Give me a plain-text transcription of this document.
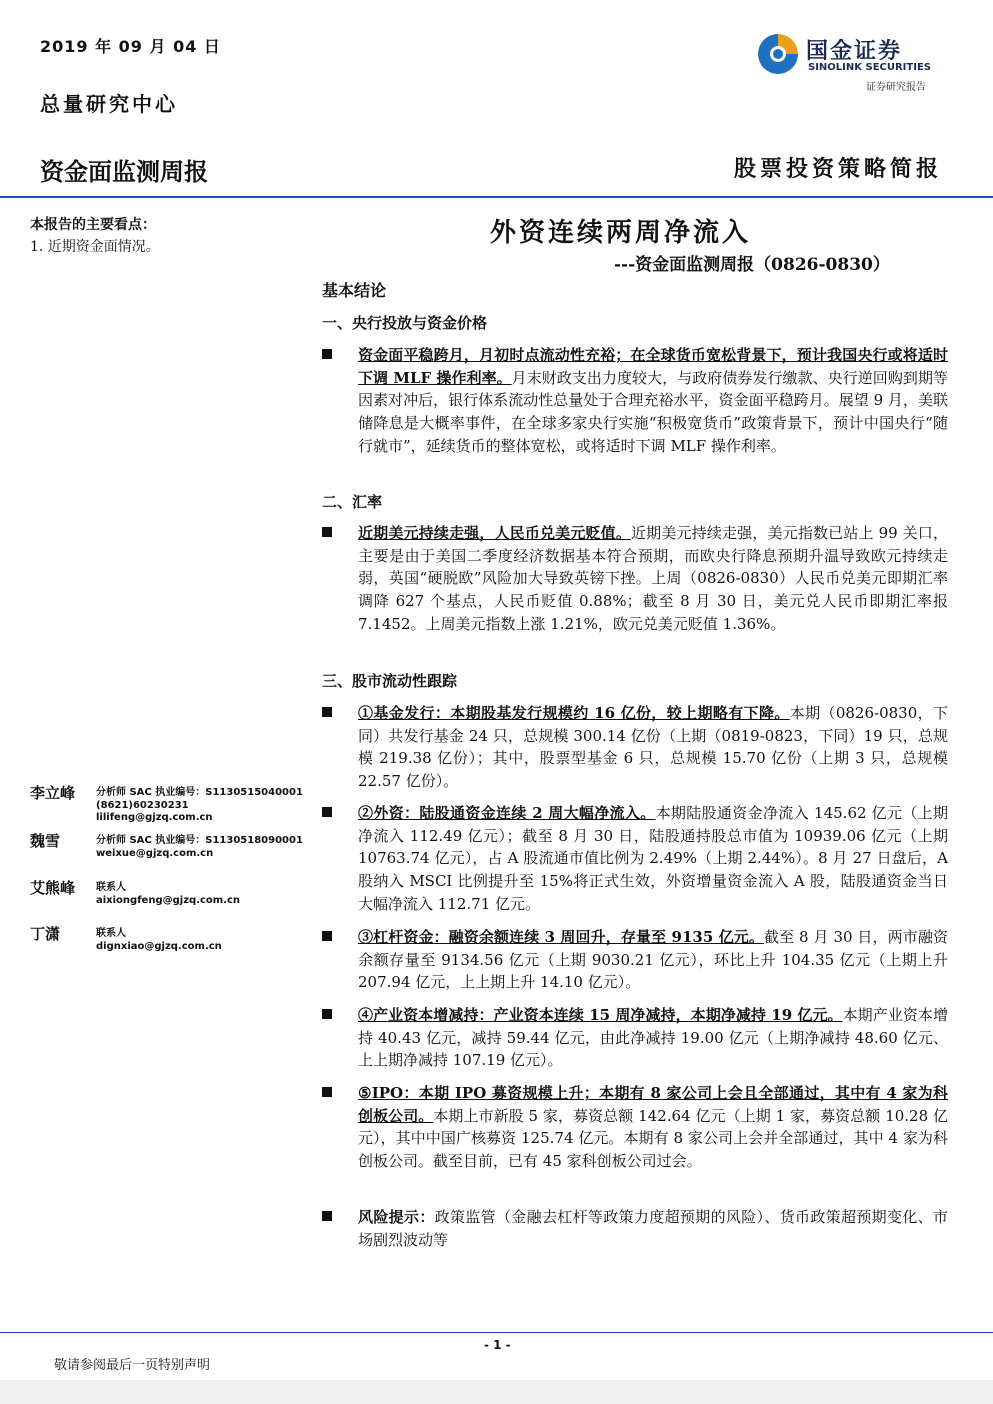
2019 年 09 月 04 日
总量研究中心
国金证券
SINOLINK SECURITIES
证券研究报告
资金面监测周报	股票投资策略简报
本报告的主要看点：
1. 近期资金面情况。	外资连续两周净流入
---资金面监测周报（0826-0830）
基本结论
一、央行投放与资金价格

资金面平稳跨月，月初时点流动性充裕；在全球货币宽松背景下，预计我国央行或将适时下调 MLF 操作利率。月末财政支出力度较大，与政府债券发行缴款、央行逆回购到期等因素对冲后，银行体系流动性总量处于合理充裕水平，资金面平稳跨月。展望 9 月，美联储降息是大概率事件，在全球多家央行实施“积极宽货币”政策背景下，预计中国央行“随行就市”，延续货币的整体宽松，或将适时下调 MLF 操作利率。

二、汇率

近期美元持续走强，人民币兑美元贬值。近期美元持续走强，美元指数已站上 99 关口，主要是由于美国二季度经济数据基本符合预期，而欧央行降息预期升温导致欧元持续走弱，英国“硬脱欧”风险加大导致英镑下挫。上周（0826-0830）人民币兑美元即期汇率调降 627 个基点，人民币贬值 0.88%；截至 8 月 30 日，美元兑人民币即期汇率报 7.1452。上周美元指数上涨 1.21%，欧元兑美元贬值 1.36%。

三、股市流动性跟踪

①基金发行：本期股基发行规模约 16 亿份，较上期略有下降。本期（0826-0830，下同）共发行基金 24 只，总规模 300.14 亿份（上期（0819-0823，下同）19 只，总规模 219.38 亿份）；其中，股票型基金 6 只，总规模 15.70 亿份（上期 3 只，总规模 22.57 亿份）。

②外资：陆股通资金连续 2 周大幅净流入。本期陆股通资金净流入 145.62 亿元（上期净流入 112.49 亿元）；截至 8 月 30 日，陆股通持股总市值为 10939.06 亿元（上期 10763.74 亿元），占 A 股流通市值比例为 2.49%（上期 2.44%）。8 月 27 日盘后，A 股纳入 MSCI 比例提升至 15%将正式生效，外资增量资金流入 A 股，陆股通资金当日大幅净流入 112.71 亿元。

③杠杆资金：融资余额连续 3 周回升，存量至 9135 亿元。截至 8 月 30 日，两市融资余额存量至 9134.56 亿元（上期 9030.21 亿元），环比上升 104.35 亿元（上期上升 207.94 亿元，上上期上升 14.10 亿元）。

④产业资本增减持：产业资本连续 15 周净减持，本期净减持 19 亿元。本期产业资本增持 40.43 亿元，减持 59.44 亿元，由此净减持 19.00 亿元（上期净减持 48.60 亿元、上上期净减持 107.19 亿元）。

⑤IPO：本期 IPO 募资规模上升；本期有 8 家公司上会且全部通过，其中有 4 家为科创板公司。本期上市新股 5 家，募资总额 142.64 亿元（上期 1 家，募资总额 10.28 亿元），其中中国广核募资 125.74 亿元。本期有 8 家公司上会并全部通过，其中 4 家为科创板公司。截至目前，已有 45 家科创板公司过会。

风险提示：政策监管（金融去杠杆等政策力度超预期的风险）、货币政策超预期变化、市场剧烈波动等

李立峰 分析师 SAC 执业编号：S1130515040001
(8621)60230231
lilifeng@gjzq.com.cn
魏雪	分析师 SAC 执业编号：S1130518090001
weixue@gjzq.com.cn
艾熊峰 联系人
aixiongfeng@gjzq.com.cn
丁潇	联系人
dignxiao@gjzq.com.cn
- 1 -
敬请参阅最后一页特别声明
